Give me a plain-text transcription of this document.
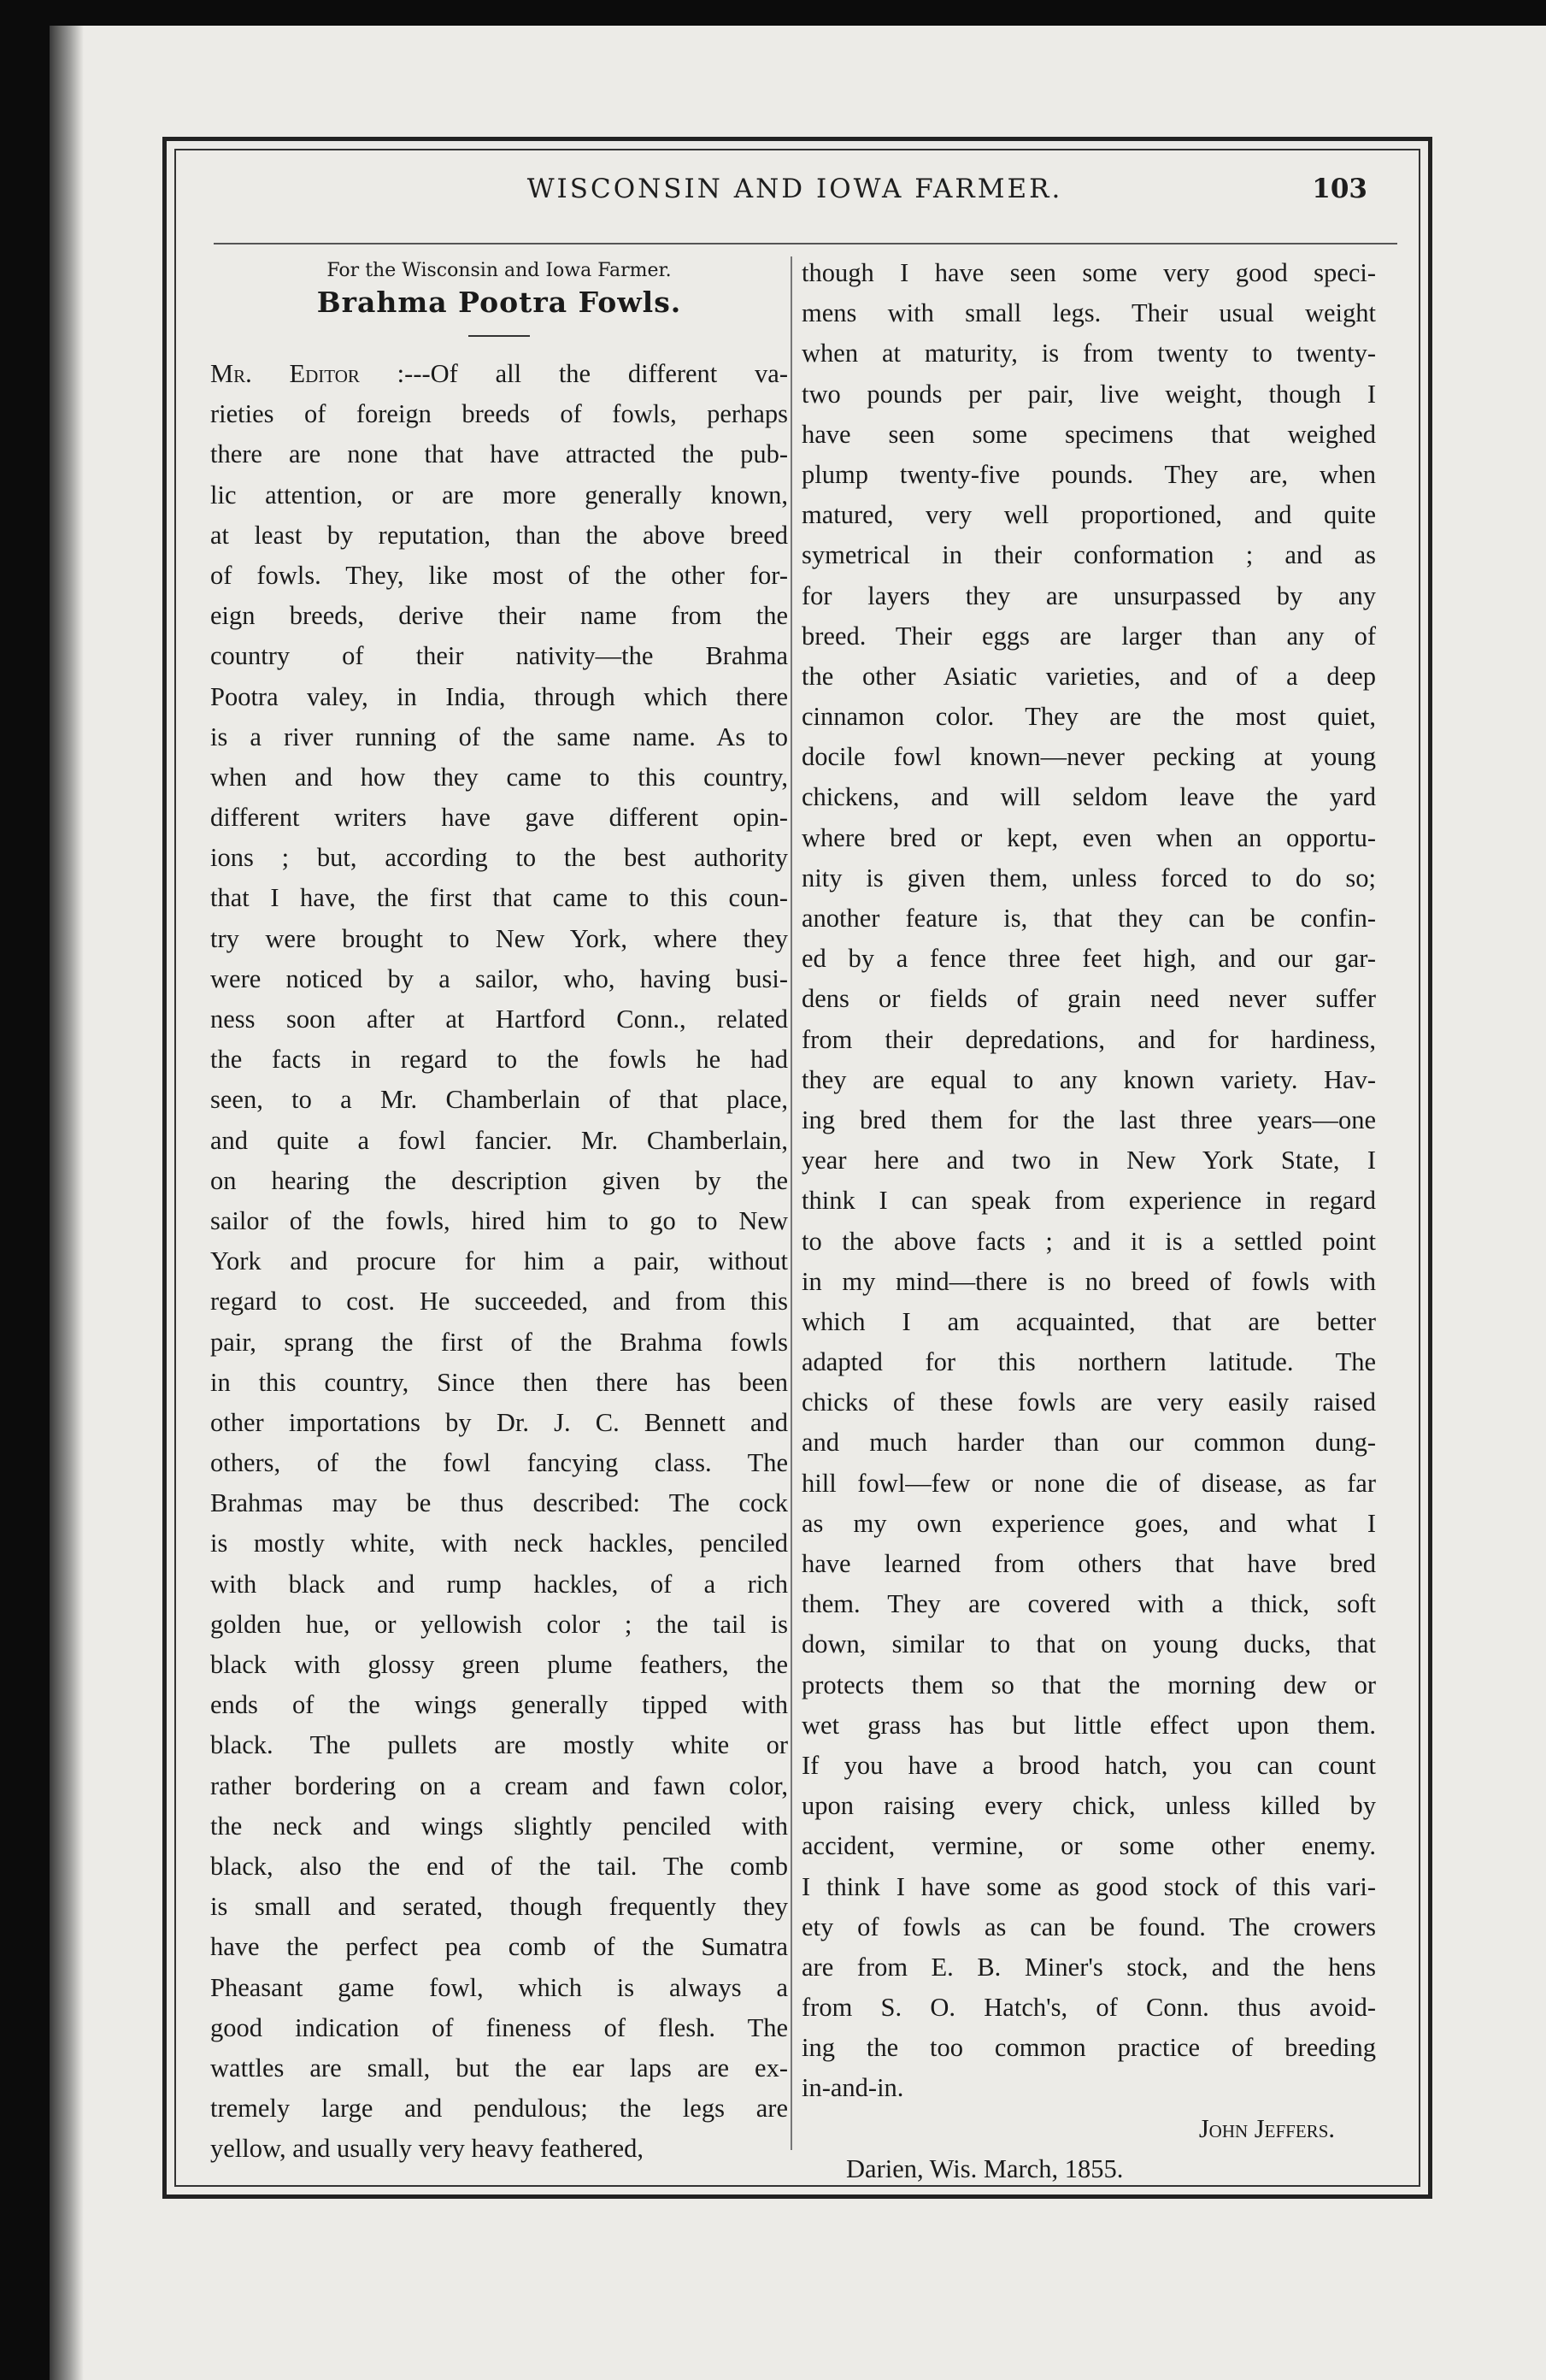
WISCONSIN AND IOWA FARMER.	103
For the Wisconsin and Iowa Farmer.
Brahma Pootra Fowls.
Mr. Editor :---Of all the different va-
rieties of foreign breeds of fowls, perhaps
there are none that have attracted the pub-
lic attention, or are more generally known,
at least by reputation, than the above breed
of fowls. They, like most of the other for-
eign breeds, derive their name from the
country of their nativity—the Brahma
Pootra valey, in India, through which there
is a river running of the same name. As to
when and how they came to this country,
different writers have gave different opin-
ions ; but, according to the best authority
that I have, the first that came to this coun-
try were brought to New York, where they
were noticed by a sailor, who, having busi-
ness soon after at Hartford Conn., related
the facts in regard to the fowls he had
seen, to a Mr. Chamberlain of that place,
and quite a fowl fancier. Mr. Chamberlain,
on hearing the description given by the
sailor of the fowls, hired him to go to New
York and procure for him a pair, without
regard to cost. He succeeded, and from this
pair, sprang the first of the Brahma fowls
in this country, Since then there has been
other importations by Dr. J. C. Bennett and
others, of the fowl fancying class. The
Brahmas may be thus described: The cock
is mostly white, with neck hackles, penciled
with black and rump hackles, of a rich
golden hue, or yellowish color ; the tail is
black with glossy green plume feathers, the
ends of the wings generally tipped with
black. The pullets are mostly white or
rather bordering on a cream and fawn color,
the neck and wings slightly penciled with
black, also the end of the tail. The comb
is small and serated, though frequently they
have the perfect pea comb of the Sumatra
Pheasant game fowl, which is always a
good indication of fineness of flesh. The
wattles are small, but the ear laps are ex-
tremely large and pendulous; the legs are
yellow, and usually very heavy feathered,
though I have seen some very good speci-
mens with small legs. Their usual weight
when at maturity, is from twenty to twenty-
two pounds per pair, live weight, though I
have seen some specimens that weighed
plump twenty-five pounds. They are, when
matured, very well proportioned, and quite
symetrical in their conformation ; and as
for layers they are unsurpassed by any
breed. Their eggs are larger than any of
the other Asiatic varieties, and of a deep
cinnamon color. They are the most quiet,
docile fowl known—never pecking at young
chickens, and will seldom leave the yard
where bred or kept, even when an opportu-
nity is given them, unless forced to do so;
another feature is, that they can be confin-
ed by a fence three feet high, and our gar-
dens or fields of grain need never suffer
from their depredations, and for hardiness,
they are equal to any known variety. Hav-
ing bred them for the last three years—one
year here and two in New York State, I
think I can speak from experience in regard
to the above facts ; and it is a settled point
in my mind—there is no breed of fowls with
which I am acquainted, that are better
adapted for this northern latitude. The
chicks of these fowls are very easily raised
and much harder than our common dung-
hill fowl—few or none die of disease, as far
as my own experience goes, and what I
have learned from others that have bred
them. They are covered with a thick, soft
down, similar to that on young ducks, that
protects them so that the morning dew or
wet grass has but little effect upon them.
If you have a brood hatch, you can count
upon raising every chick, unless killed by
accident, vermine, or some other enemy.
I think I have some as good stock of this vari-
ety of fowls as can be found. The crowers
are from E. B. Miner's stock, and the hens
from S. O. Hatch's, of Conn. thus avoid-
ing the too common practice of breeding
in-and-in.
John Jeffers.
Darien, Wis. March, 1855.
